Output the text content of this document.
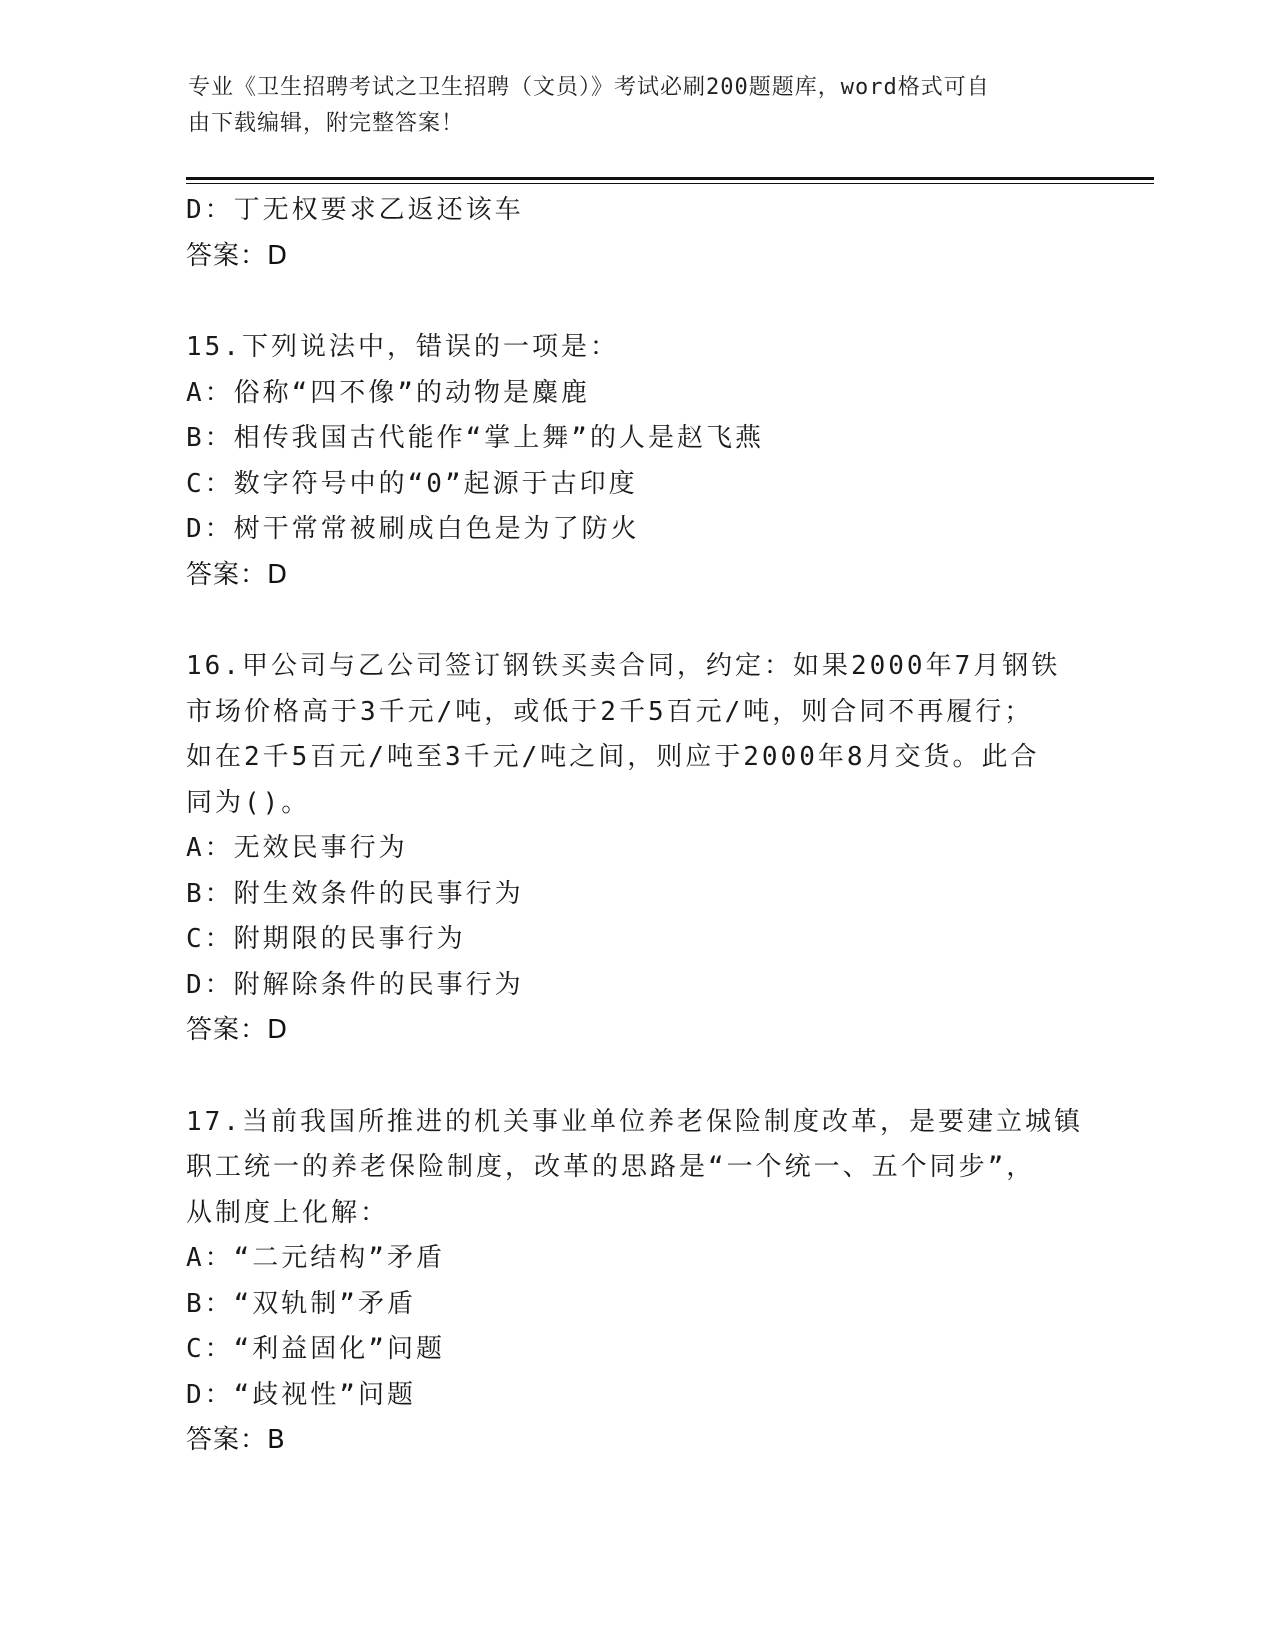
专业《卫生招聘考试之卫生招聘（文员）》考试必刷200题题库，word格式可自
由下载编辑，附完整答案！
D：丁无权要求乙返还该车
答案：D
15.下列说法中，错误的一项是：
A：俗称“四不像”的动物是麋鹿
B：相传我国古代能作“掌上舞”的人是赵飞燕
C：数字符号中的“0”起源于古印度
D：树干常常被刷成白色是为了防火
答案：D
16.甲公司与乙公司签订钢铁买卖合同，约定：如果2000年7月钢铁
市场价格高于3千元/吨，或低于2千5百元/吨，则合同不再履行；
如在2千5百元/吨至3千元/吨之间，则应于2000年8月交货。此合
同为()。
A：无效民事行为
B：附生效条件的民事行为
C：附期限的民事行为
D：附解除条件的民事行为
答案：D
17.当前我国所推进的机关事业单位养老保险制度改革，是要建立城镇
职工统一的养老保险制度，改革的思路是“一个统一、五个同步”，
从制度上化解：
A：“二元结构”矛盾
B：“双轨制”矛盾
C：“利益固化”问题
D：“歧视性”问题
答案：B
